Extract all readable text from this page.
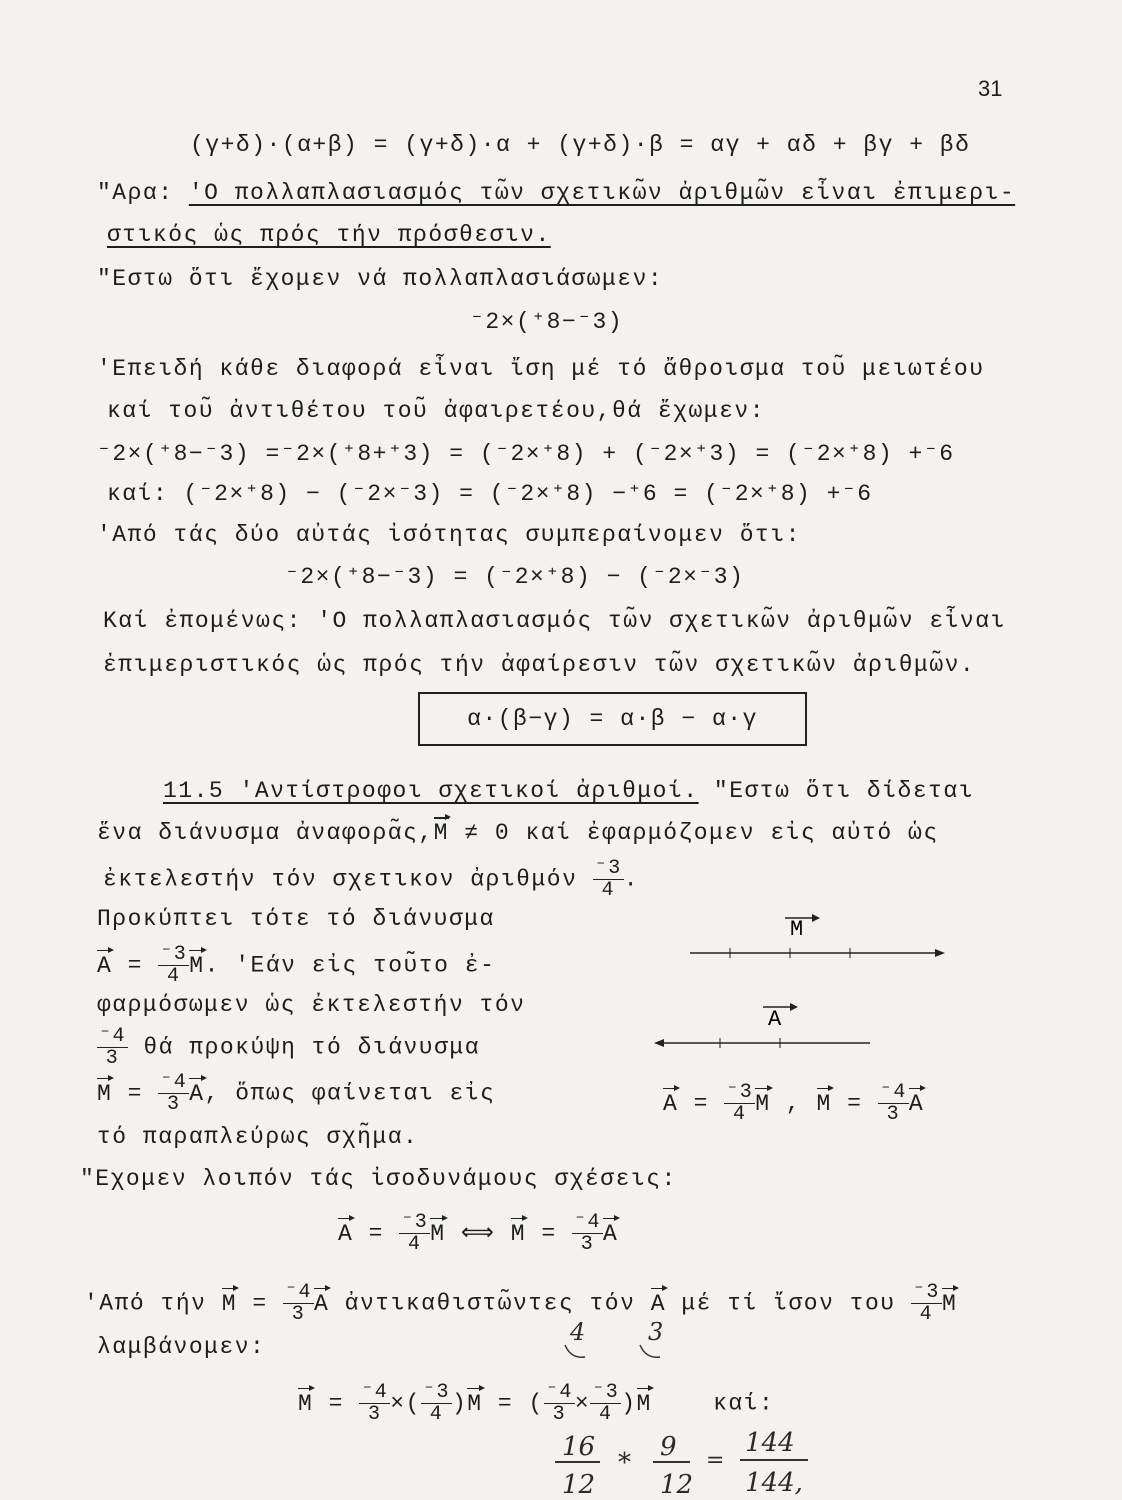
31
(γ+δ)·(α+β) = (γ+δ)·α + (γ+δ)·β = αγ + αδ + βγ + βδ
"Αρα: 'Ο πολλαπλασιασμός τω̃ν σχετικω̃ν ἀριθμω̃ν εἶναι ἐπιμερι-
στικός ὡς πρός τήν πρόσθεσιν.
"Εστω ὅτι ἔχομεν νά πολλαπλασιάσωμεν:
⁻2×(⁺8−⁻3)
'Επειδή κάθε διαφορά εἶναι ἴση μέ τό ἄθροισμα του̃ μειωτέου
καί του̃ ἀντιθέτου του̃ ἀφαιρετέου,θά ἔχωμεν:
⁻2×(⁺8−⁻3) =⁻2×(⁺8+⁺3) = (⁻2×⁺8) + (⁻2×⁺3) = (⁻2×⁺8) +⁻6
καί: (⁻2×⁺8) − (⁻2×⁻3) = (⁻2×⁺8) −⁺6 = (⁻2×⁺8) +⁻6
'Από τάς δύο αὐτάς ἰσότητας συμπεραίνομεν ὅτι:
⁻2×(⁺8−⁻3) = (⁻2×⁺8) − (⁻2×⁻3)
Καί ἐπομένως: 'Ο πολλαπλασιασμός τω̃ν σχετικω̃ν ἀριθμω̃ν εἶναι
ἐπιμεριστικός ὡς πρός τήν ἀφαίρεσιν τω̃ν σχετικω̃ν ἀριθμω̃ν.
α·(β−γ) = α·β − α·γ
11.5 'Αντίστροφοι σχετικοί ἀριθμοί. "Εστω ὅτι δίδεται
ἕνα διάνυσμα ἀναφορα̃ς,M ≠ 0 καί ἐφαρμόζομεν εἰς αὐτό ὡς
ἐκτελεστήν τόν σχετικον ἀριθμόν $\frac{^-3}{4}$ .
Προκύπτει τότε τό διάνυσμα
$A = \frac{^-3}{4} M$. 'Εάν εἰς του̃το ἐ-
φαρμόσωμεν ὡς ἐκτελεστήν τόν
$\frac{^-4}{3}$ θά προκύψη τό διάνυσμα
$M = \frac{^-4}{3} A$, ὅπως φαίνεται εἰς
τό παραπλεύρως σχη̃μα.
M
A
$A = \frac{^-3}{4}$ M , $M = \frac{^-4}{3}$ A
"Εχομεν λοιπόν τάς ἰσοδυνάμους σχέσεις:
$A = \frac{^-3}{4}$ M ⟺ $M = \frac{^-4}{3}$ A
'Από τήν $M = \frac{^-4}{3}$ A ἀντικαθιστω̃ντες τόν A μέ τί ἴσον του $\frac{^-3}{4}$ M
λαμβάνομεν:
$M = \frac{^-4}{3}$ ×( $\frac{^-3}{4} )M$ = ( $\frac{^-4}{3} \times \frac{^-3}{4} )M$	καί:
4	3
16
12
*
9
12
=
144
144,
